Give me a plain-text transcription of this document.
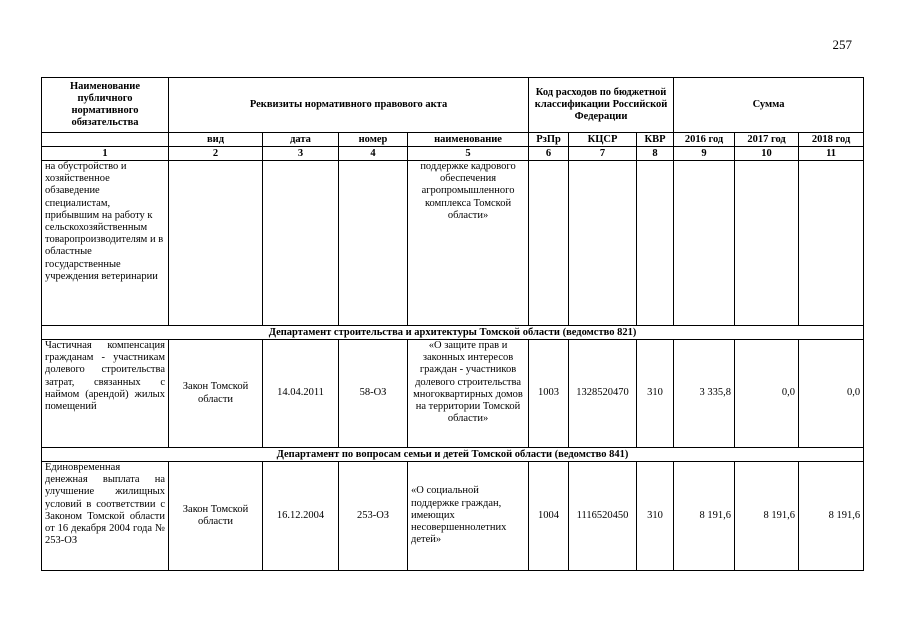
257
Наименование публичного нормативного обязательства	Реквизиты нормативного правового акта				Код расходов по бюджетной классификации Российской Федерации			Сумма		
	вид	дата	номер	наименование	РзПр	КЦСР	КВР	2016 год	2017 год	2018 год
1	2	3	4	5	6	7	8	9	10	11
на обустройство и хозяйственное обзаведение специалистам, прибывшим на работу к сельскохозяйственным товаропроизводителям и в областные государственные учреждения ветеринарии				поддержке кадрового обеспечения агропромышленного комплекса Томской области»						
Департамент строительства и архитектуры Томской области (ведомство 821)										
Частичная компенсация гражданам - участникам долевого строительства затрат, связанных с наймом (арендой) жилых помещений	Закон Томской области	14.04.2011	58-ОЗ	«О защите прав и законных интересов граждан - участников долевого строительства многоквартирных домов на территории Томской области»	1003	1328520470	310	3 335,8	0,0	0,0
Департамент по вопросам семьи и детей Томской области (ведомство 841)										
Единовременная денежная выплата на улучшение жилищных условий в соответствии с Законом Томской области от 16 декабря 2004 года № 253-ОЗ	Закон Томской области	16.12.2004	253-ОЗ	«О социальной поддержке граждан, имеющих несовершеннолетних детей»	1004	1116520450	310	8 191,6	8 191,6	8 191,6
